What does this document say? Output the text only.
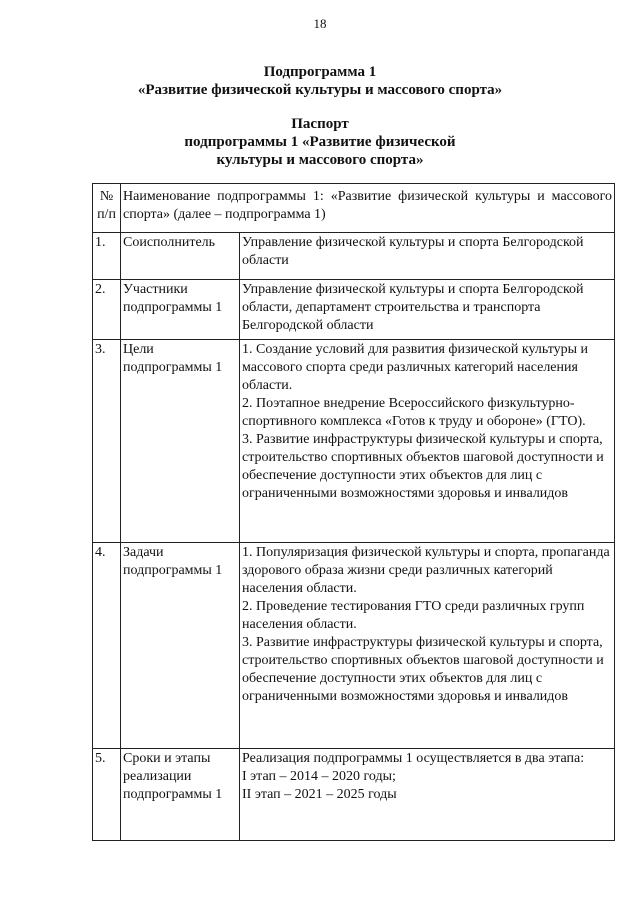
18
Подпрограмма 1
«Развитие физической культуры и массового спорта»
Паспорт
подпрограммы 1 «Развитие физической
культуры и массового спорта»
№
п/п	Наименование подпрограммы 1: «Развитие физической культуры и массового спорта» (далее – подпрограмма 1)	
1.	Соисполнитель	Управление физической культуры и спорта Белгородской области

2.	Участники подпрограммы 1	Управление физической культуры и спорта Белгородской области, департамент строительства и транспорта Белгородской области

3.	Цели подпрограммы 1	1. Создание условий для развития физической культуры и массового спорта среди различных категорий населения области.

2. Поэтапное внедрение Всероссийского физкультурно-спортивного комплекса «Готов к труду и обороне» (ГТО).

3. Развитие инфраструктуры физической культуры и спорта, строительство спортивных объектов шаговой доступности и обеспечение доступности этих объектов для лиц с ограниченными возможностями здоровья и инвалидов

4.	Задачи подпрограммы 1	1. Популяризация физической культуры и спорта, пропаганда здорового образа жизни среди различных категорий населения области.

2. Проведение тестирования ГТО среди различных групп населения области.

3. Развитие инфраструктуры физической культуры и спорта, строительство спортивных объектов шаговой доступности и обеспечение доступности этих объектов для лиц с ограниченными возможностями здоровья и инвалидов

5.	Сроки и этапы реализации подпрограммы 1	Реализация подпрограммы 1 осуществляется в два этапа:

I этап – 2014 – 2020 годы;

II этап – 2021 – 2025 годы
